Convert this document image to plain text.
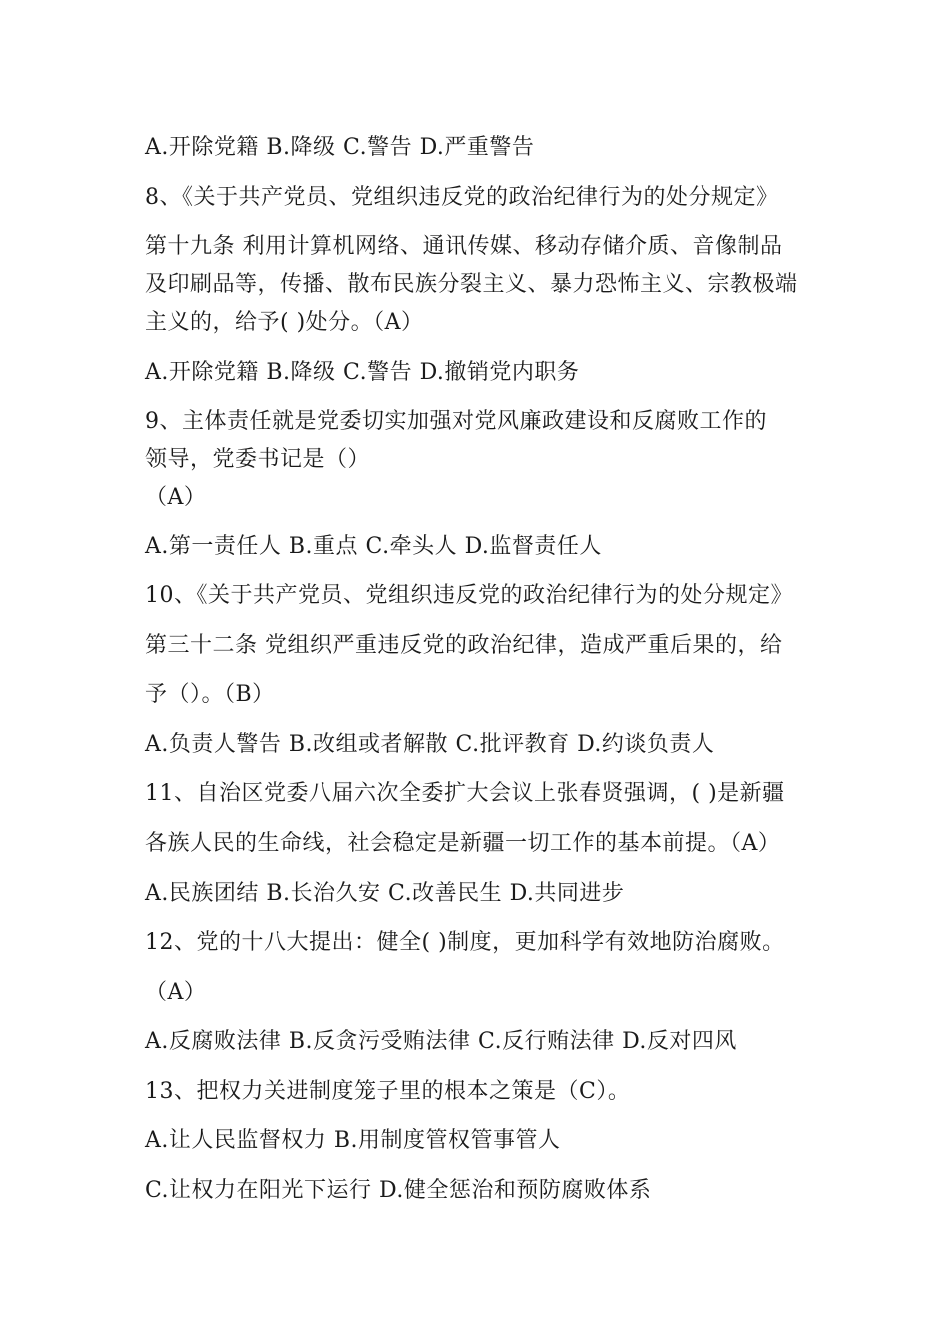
A.开除党籍 B.降级 C.警告 D.严重警告
8、《关于共产党员、党组织违反党的政治纪律行为的处分规定》
第十九条 利用计算机网络、通讯传媒、移动存储介质、音像制品
及印刷品等，传播、散布民族分裂主义、暴力恐怖主义、宗教极端
主义的，给予( )处分。（A）
A.开除党籍 B.降级 C.警告 D.撤销党内职务
9、主体责任就是党委切实加强对党风廉政建设和反腐败工作的
领导，党委书记是（）
（A）
A.第一责任人 B.重点 C.牵头人 D.监督责任人
10、《关于共产党员、党组织违反党的政治纪律行为的处分规定》
第三十二条 党组织严重违反党的政治纪律，造成严重后果的，给
予（）。（B）
A.负责人警告 B.改组或者解散 C.批评教育 D.约谈负责人
11、自治区党委八届六次全委扩大会议上张春贤强调，( )是新疆
各族人民的生命线，社会稳定是新疆一切工作的基本前提。（A）
A.民族团结 B.长治久安 C.改善民生 D.共同进步
12、党的十八大提出：健全( )制度，更加科学有效地防治腐败。
（A）
A.反腐败法律 B.反贪污受贿法律 C.反行贿法律 D.反对四风
13、把权力关进制度笼子里的根本之策是（C）。
A.让人民监督权力 B.用制度管权管事管人
C.让权力在阳光下运行 D.健全惩治和预防腐败体系
